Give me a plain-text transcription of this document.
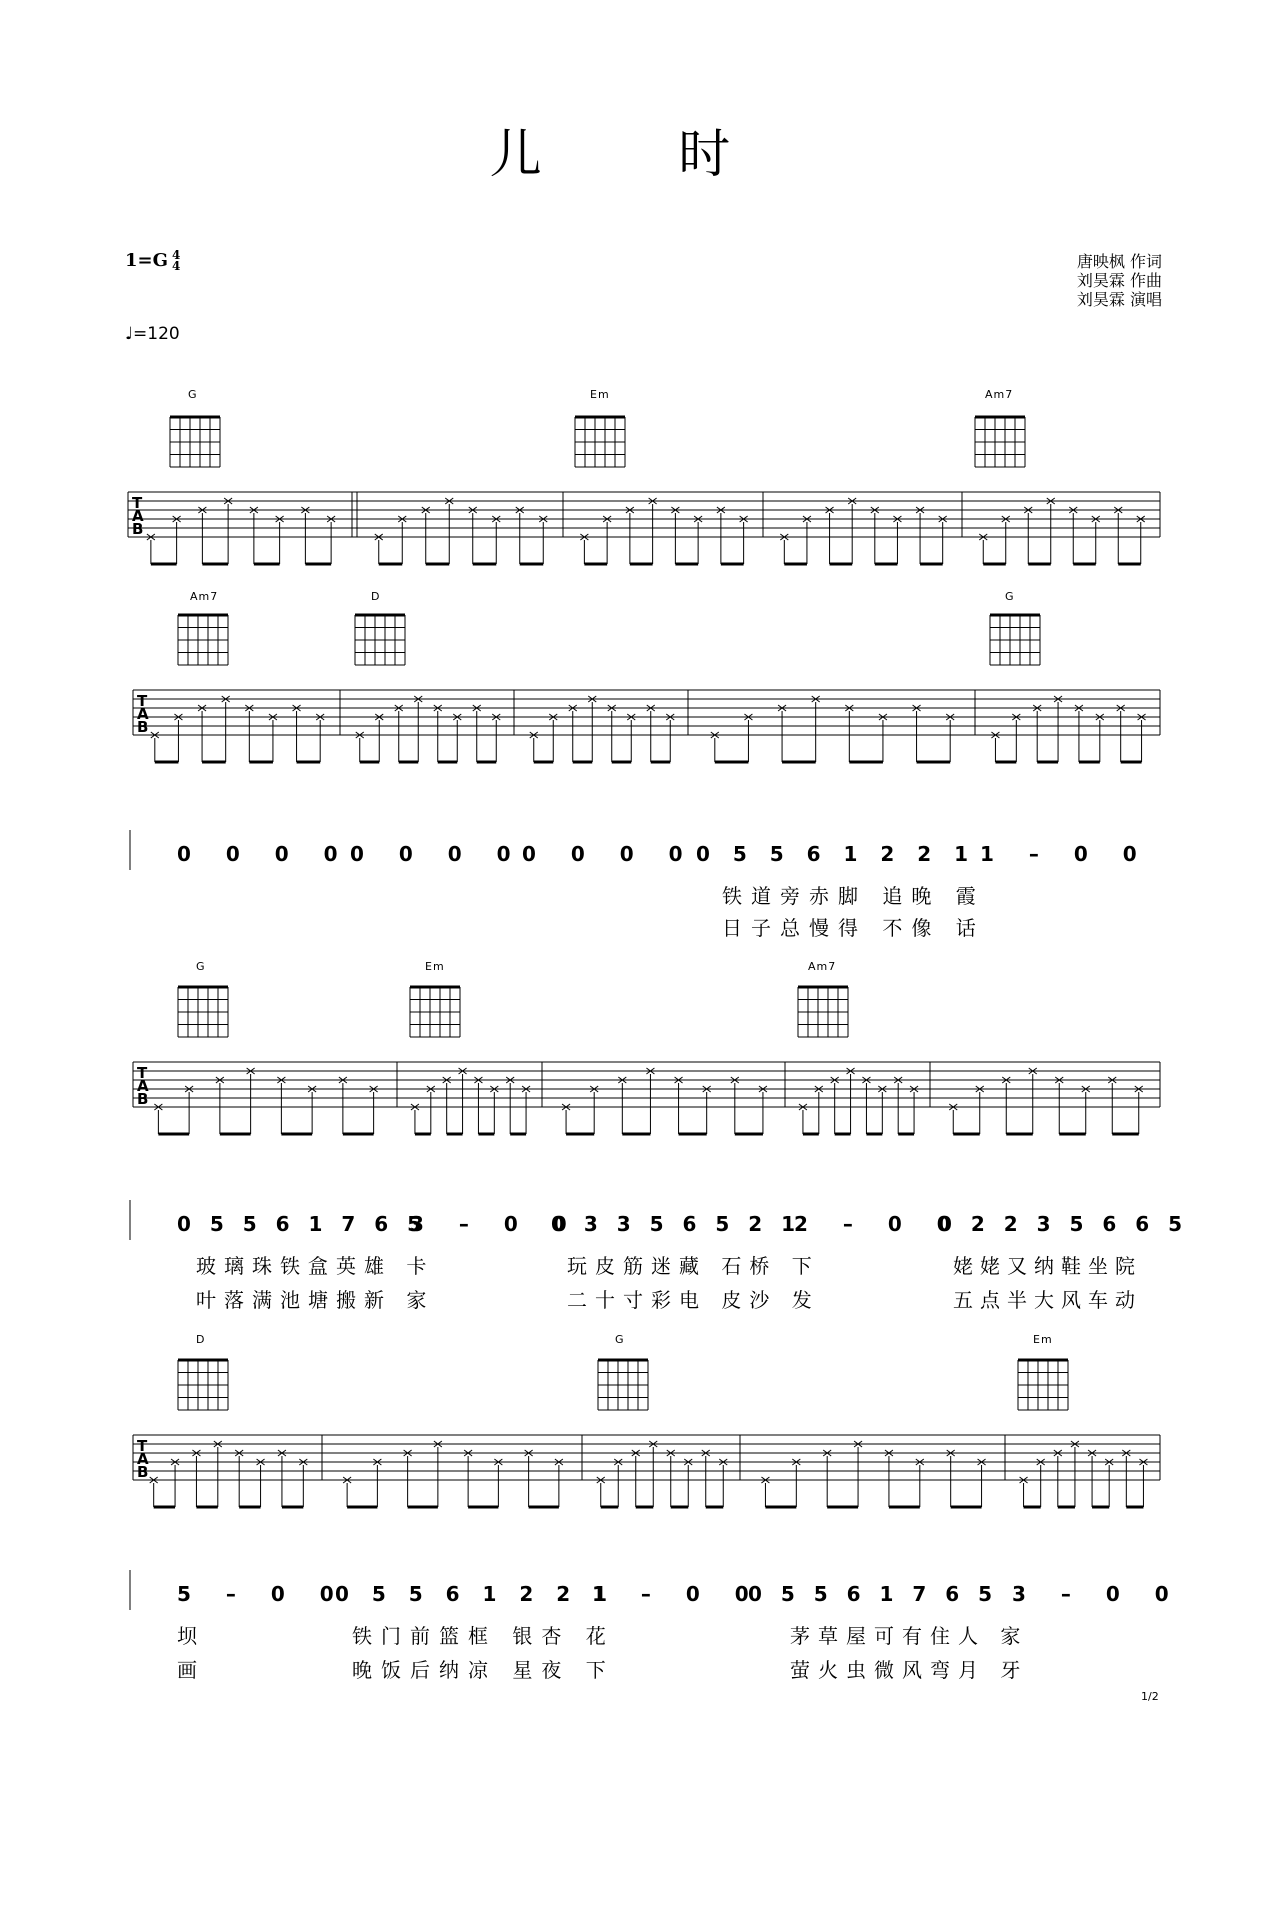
儿 时
1=G 4
4
♩=120
唐映枫 作词
刘昊霖 作曲
刘昊霖 演唱
1/2
T
A
B
T
A
B
T
A
B
T
A
B
G	Em	Am7
Am7	D	G
G	Em	Am7
D	G	Em
0 0 0 0
0 0 0 0
0 0 0 0 0 5 5 6 1 2 2 1 1 – 0 0
铁道旁赤脚 追晚 霞
日子总慢得 不像 话
0 5 5 6 1 7 6 5
3 – 0 0
0 3 3 5 6 5 2 1
2 – 0 0
0 2 2 3 5 6 6 5
玻璃珠铁盒英雄 卡
叶落满池塘搬新 家
玩皮筋迷藏 石桥 下
二十寸彩电 皮沙 发
姥姥又纳鞋坐院
五点半大风车动
5 – 0 0
0 5 5 6 1 2 2 1
1 – 0 0
0 5 5 6 1 7 6 5 3 – 0 0
坝
画
铁门前篮框 银杏 花
晚饭后纳凉 星夜 下
茅草屋可有住人 家
萤火虫微风弯月 牙
